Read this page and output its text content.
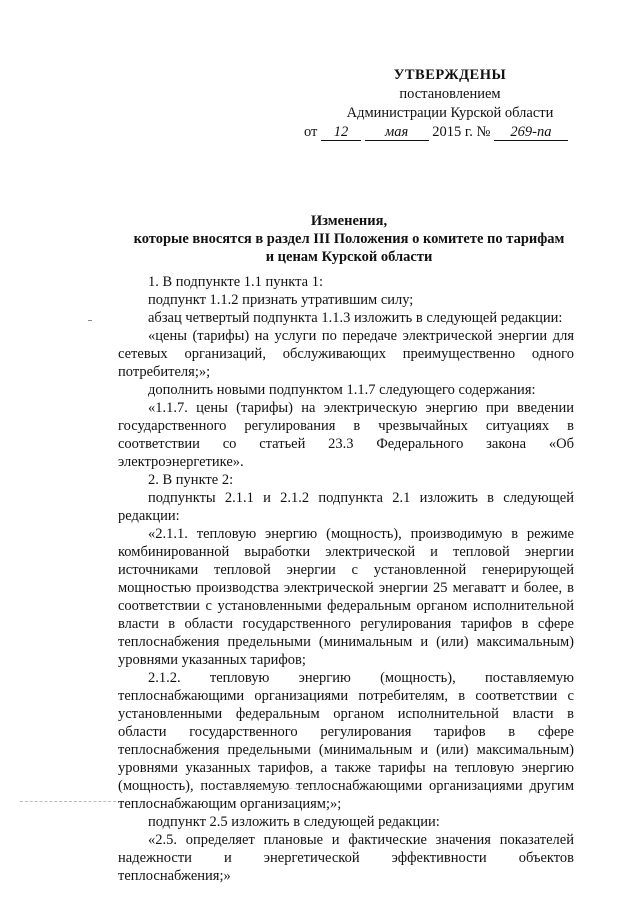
УТВЕРЖДЕНЫ
постановлением
Администрации Курской области
от 12	мая 2015 г. № 269-па
Изменения,
которые вносятся в раздел III Положения о комитете по тарифам
и ценам Курской области

1. В подпункте 1.1 пункта 1:

подпункт 1.1.2 признать утратившим силу;

абзац четвертый подпункта 1.1.3 изложить в следующей редакции:

«цены (тарифы) на услуги по передаче электрической энергии для сетевых организаций, обслуживающих преимущественно одного потребителя;»;

дополнить новыми подпунктом 1.1.7 следующего содержания:

«1.1.7. цены (тарифы) на электрическую энергию при введении государственного регулирования в чрезвычайных ситуациях в соответствии со статьей 23.3 Федерального закона «Об электроэнергетике».

2. В пункте 2:

подпункты 2.1.1 и 2.1.2 подпункта 2.1 изложить в следующей редакции:

«2.1.1. тепловую энергию (мощность), производимую в режиме комбинированной выработки электрической и тепловой энергии источниками тепловой энергии с установленной генерирующей мощностью производства электрической энергии 25 мегаватт и более, в соответствии с установленными федеральным органом исполнительной власти в области государственного регулирования тарифов в сфере теплоснабжения предельными (минимальным и (или) максимальным) уровнями указанных тарифов;

2.1.2. тепловую энергию (мощность), поставляемую теплоснабжающими организациями потребителям, в соответствии с установленными федеральным органом исполнительной власти в области государственного регулирования тарифов в сфере теплоснабжения предельными (минимальным и (или) максимальным) уровнями указанных тарифов, а также тарифы на тепловую энергию (мощность), поставляемую теплоснабжающими организациями другим теплоснабжающим организациям;»;

подпункт 2.5 изложить в следующей редакции:

«2.5. определяет плановые и фактические значения показателей надежности и энергетической эффективности объектов теплоснабжения;»
